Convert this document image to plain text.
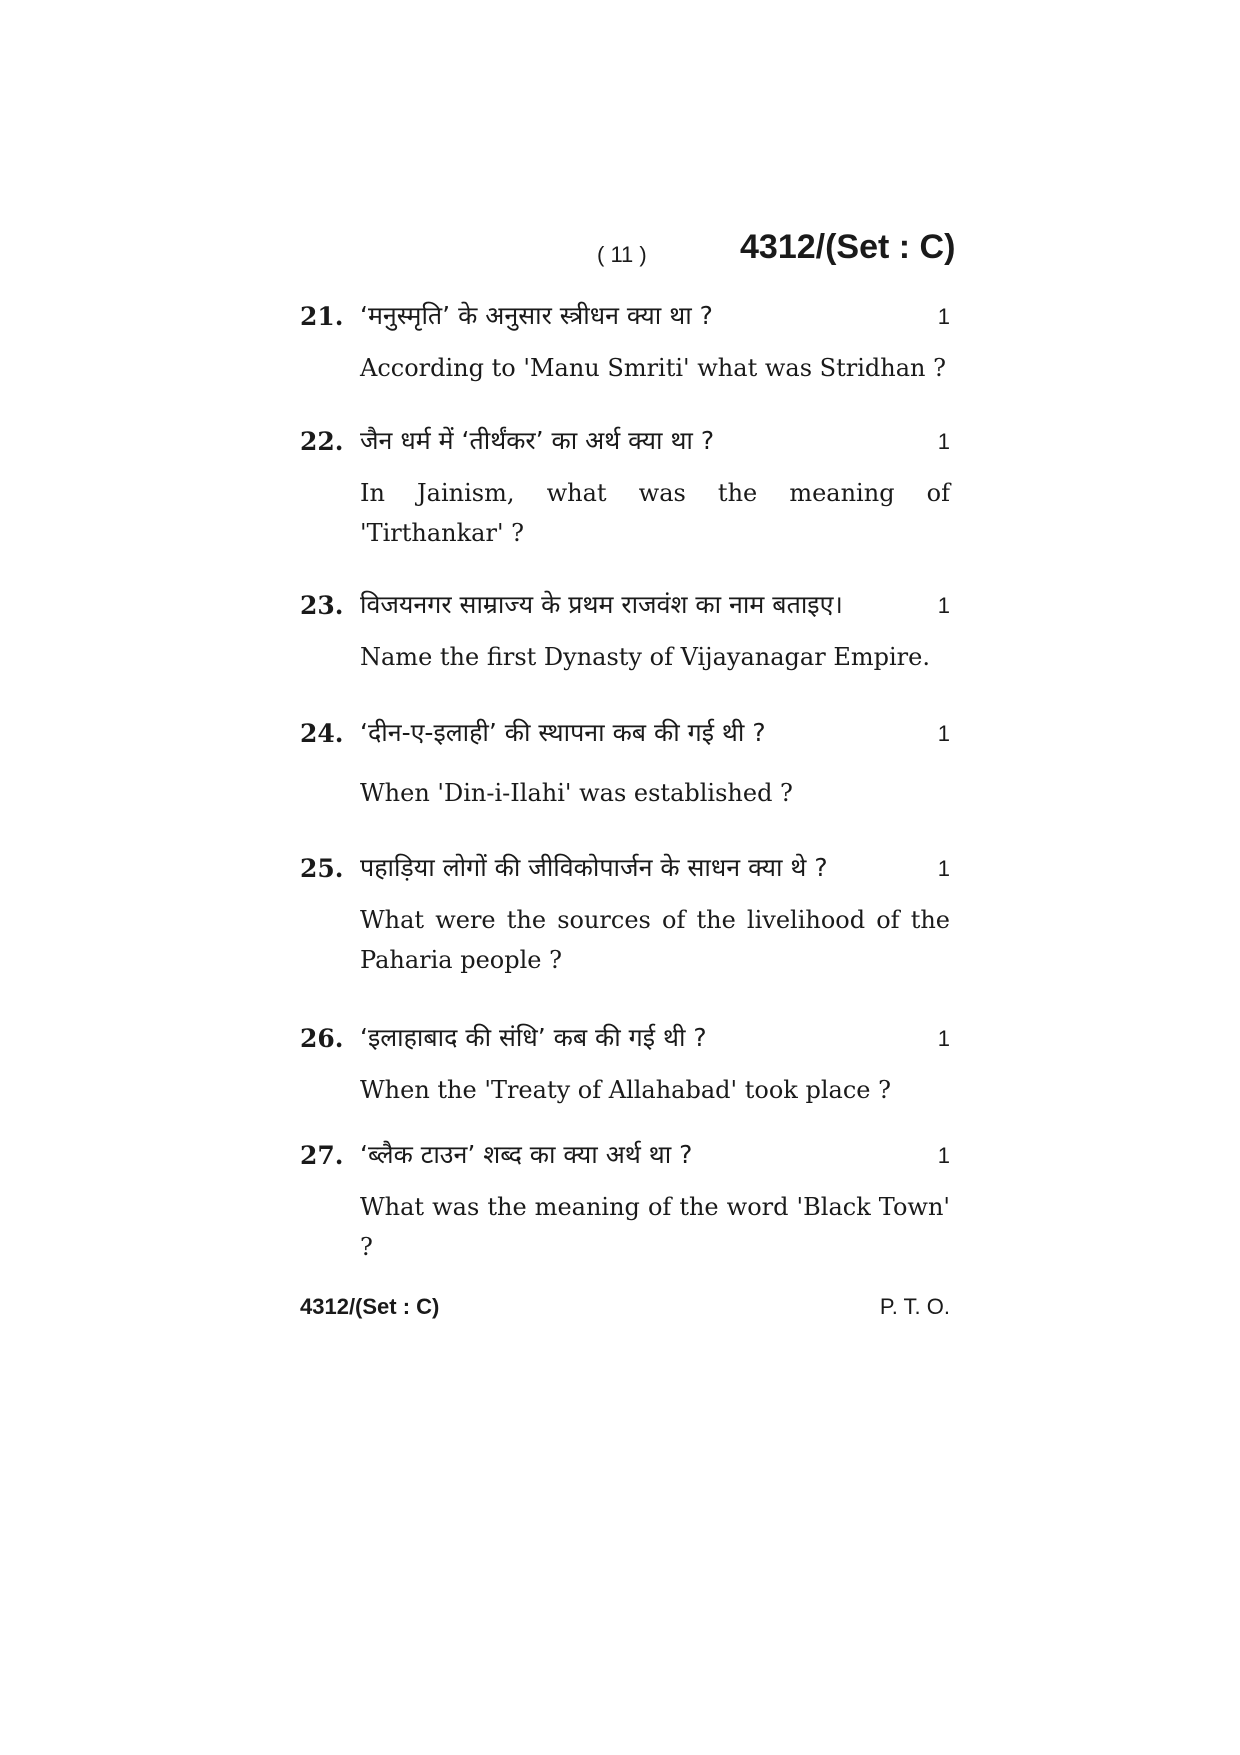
( 11 )	4312/(Set : C)
21. ‘मनुस्मृति’ के अनुसार स्त्रीधन क्या था ?	1
According to 'Manu Smriti' what was Stridhan ?
22. जैन धर्म में ‘तीर्थंकर’ का अर्थ क्या था ?	1
In Jainism, what was the meaning of 'Tirthankar' ?
23. विजयनगर साम्राज्य के प्रथम राजवंश का नाम बताइए।	1
Name the first Dynasty of Vijayanagar Empire.
24. ‘दीन-ए-इलाही’ की स्थापना कब की गई थी ?	1
When 'Din-i-Ilahi' was established ?
25. पहाड़िया लोगों की जीविकोपार्जन के साधन क्या थे ?	1
What were the sources of the livelihood of the Paharia people ?
26. ‘इलाहाबाद की संधि’ कब की गई थी ?	1
When the 'Treaty of Allahabad' took place ?
27. ‘ब्लैक टाउन’ शब्द का क्या अर्थ था ?	1
What was the meaning of the word 'Black Town' ?
4312/(Set : C)	P. T. O.
